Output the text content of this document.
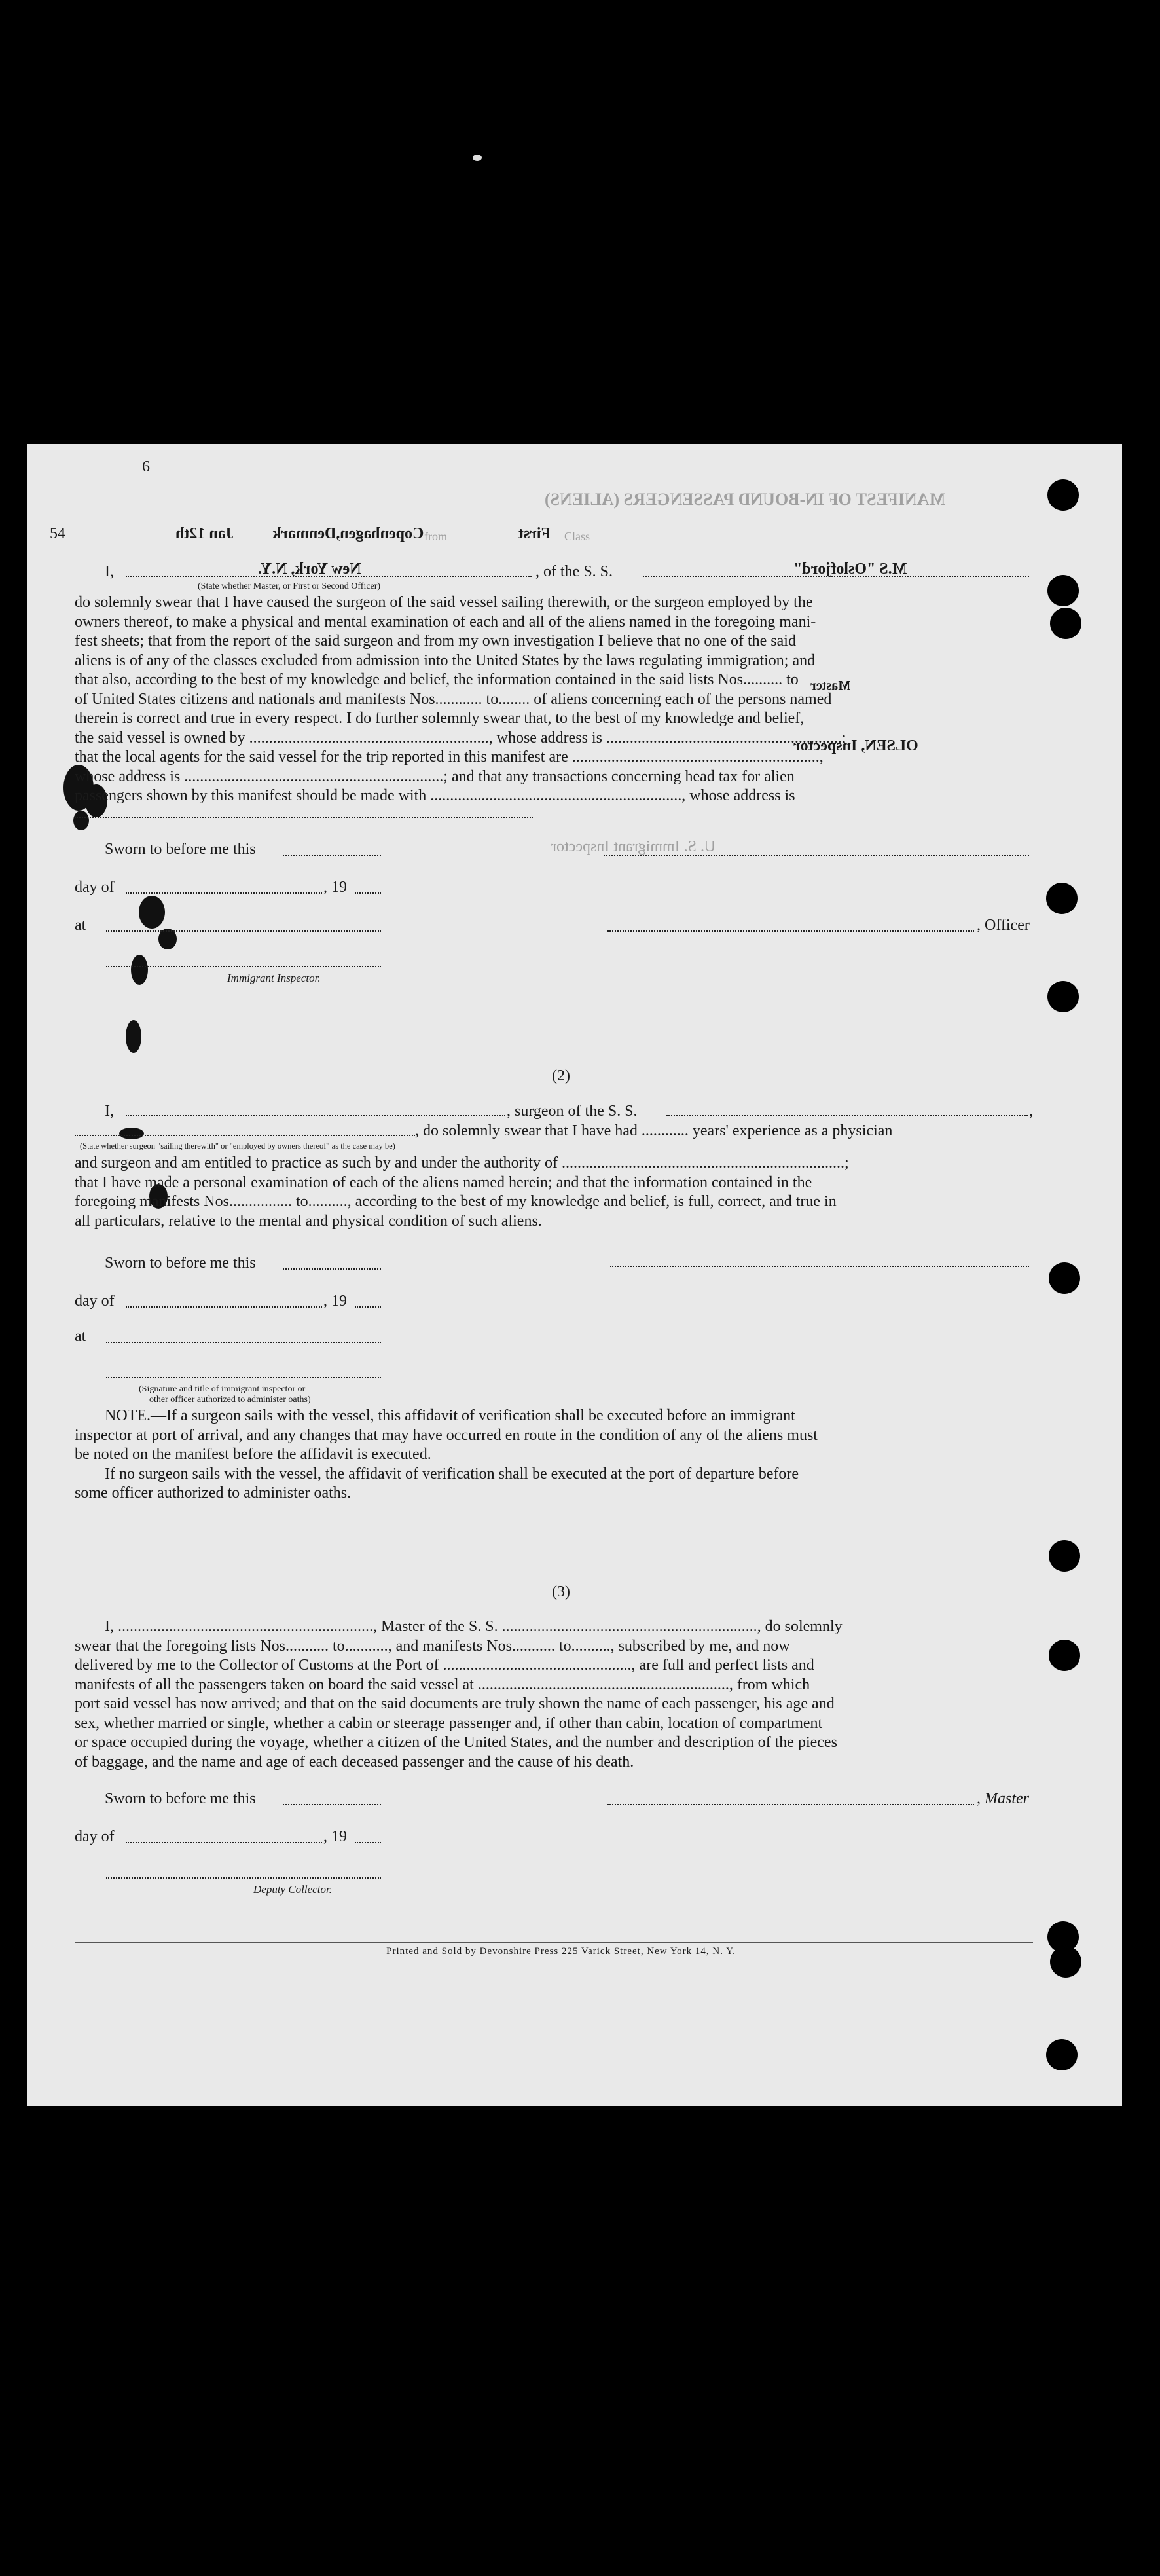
6
MANIFEST OF IN-BOUND PASSENGERS (ALIENS)
54	First Class
from
Copenhagen,Denmark
Jan 12th
I,	New York, N.Y.	, of the S. S.	M.S "Oslofjord"
(State whether Master, or First or Second Officer)
do solemnly swear that I have caused the surgeon of the said vessel sailing therewith, or the surgeon employed by the
owners thereof, to make a physical and mental examination of each and all of the aliens named in the foregoing mani-
fest sheets; that from the report of the said surgeon and from my own investigation I believe that no one of the said
aliens is of any of the classes excluded from admission into the United States by the laws regulating immigration; and
that also, according to the best of my knowledge and belief, the information contained in the said lists Nos.......... to
of United States citizens and nationals and manifests Nos............ to........ of aliens concerning each of the persons named
therein is correct and true in every respect. I do further solemnly swear that, to the best of my knowledge and belief,
the said vessel is owned by ............................................................., whose address is ............................................................;
that the local agents for the said vessel for the trip reported in this manifest are ...............................................................,
whose address is ..................................................................; and that any transactions concerning head tax for alien
passengers shown by this manifest should be made with ................................................................, whose address is
Master
OLSEN, Inspector
Sworn to before me this	U. S. Immigrant Inspector
day of	, 19
at	, Officer
Immigrant Inspector.
(2)
I,	, surgeon of the S. S.	,
, do solemnly swear that I have had ............ years' experience as a physician
(State whether surgeon "sailing therewith" or "employed by owners thereof" as the case may be)
and surgeon and am entitled to practice as such by and under the authority of ........................................................................;
that I have made a personal examination of each of the aliens named herein; and that the information contained in the
foregoing manifests Nos................ to.........., according to the best of my knowledge and belief, is full, correct, and true in
all particulars, relative to the mental and physical condition of such aliens.
Sworn to before me this
day of	, 19
at
(Signature and title of immigrant inspector or
other officer authorized to administer oaths)
NOTE.—If a surgeon sails with the vessel, this affidavit of verification shall be executed before an immigrant
inspector at port of arrival, and any changes that may have occurred en route in the condition of any of the aliens must
be noted on the manifest before the affidavit is executed.
If no surgeon sails with the vessel, the affidavit of verification shall be executed at the port of departure before
some officer authorized to administer oaths.
(3)
I, ................................................................., Master of the S. S. ................................................................., do solemnly
swear that the foregoing lists Nos........... to..........., and manifests Nos........... to.........., subscribed by me, and now
delivered by me to the Collector of Customs at the Port of ................................................, are full and perfect lists and
manifests of all the passengers taken on board the said vessel at ................................................................, from which
port said vessel has now arrived; and that on the said documents are truly shown the name of each passenger, his age and
sex, whether married or single, whether a cabin or steerage passenger and, if other than cabin, location of compartment
or space occupied during the voyage, whether a citizen of the United States, and the number and description of the pieces
of baggage, and the name and age of each deceased passenger and the cause of his death.
Sworn to before me this	, Master
day of	, 19
Deputy Collector.
Printed and Sold by Devonshire Press 225 Varick Street, New York 14, N. Y.
